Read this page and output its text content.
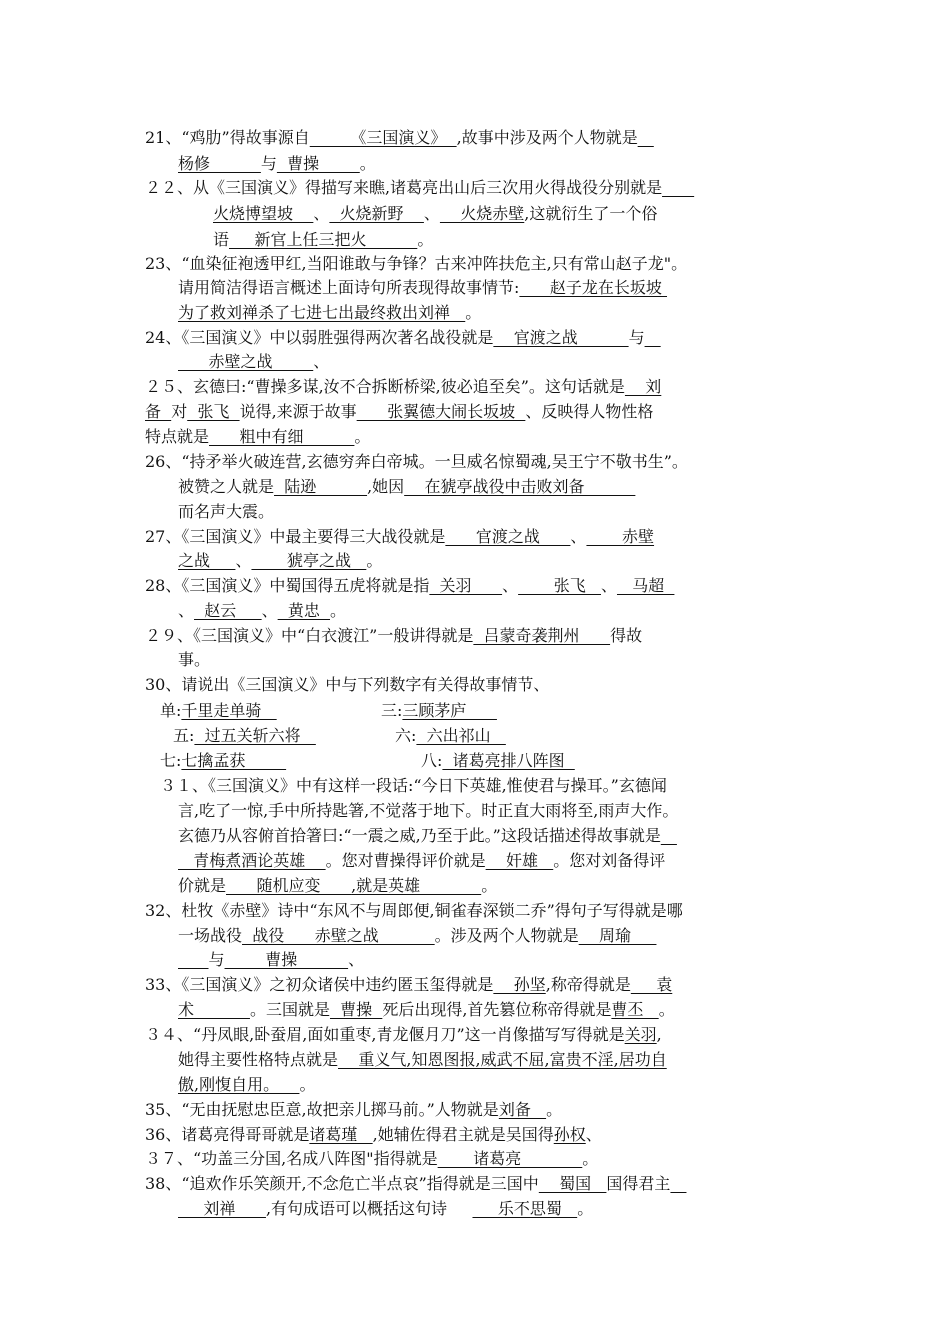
21、“鸡肋”得故事源自        《三国演义》  ,故事中涉及两个人物就是__
杨修          与  曹操        。
２２、从《三国演义》得描写来瞧,诸葛亮出山后三次用火得战役分别就是____
火烧博望坡    、  火烧新野    、    火烧赤壁,这就衍生了一个俗
语     新官上任三把火          。
23、“血染征袍透甲红,当阳谁敢与争锋？古来冲阵扶危主,只有常山赵子龙"。
请用简洁得语言概述上面诗句所表现得故事情节:      赵子龙在长坂坡
为了救刘禅杀了七进七出最终救出刘禅   。
24、《三国演义》中以弱胜强得两次著名战役就是    官渡之战          与__
赤壁之战        、
２５、玄德曰:“曹操多谋,汝不合拆断桥梁,彼必追至矣”。这句话就是    刘
备  对  张飞  说得,来源于故事      张翼德大闹长坂坡  、反映得人物性格
特点就是      粗中有细          。
26、“持矛举火破连营,玄德穷奔白帝城。一旦威名惊蜀魂,吴王宁不敬书生”。
被赞之人就是  陆逊          ,她因    在猇亭战役中击败刘备
而名声大震。
27、《三国演义》中最主要得三大战役就是      官渡之战      、       赤壁
之战     、       猇亭之战   。
28、《三国演义》中蜀国得五虎将就是指  关羽      、       张飞   、   马超
、  赵云     、  黄忠  。
２９、《三国演义》中“白衣渡江”一般讲得就是  吕蒙奇袭荆州      得故
事。
30、请说出《三国演义》中与下列数字有关得故事情节、
单:千里走单骑	三:三顾茅庐
五:  过五关斩六将	六:  六出祁山
七:七擒孟获	八:  诸葛亮排八阵图
３１、《三国演义》中有这样一段话:“今日下英雄,惟使君与操耳。”玄德闻
言,吃了一惊,手中所持匙箸,不觉落于地下。时正直大雨将至,雨声大作。
玄德乃从容俯首拾箸曰:“一震之威,乃至于此。”这段话描述得故事就是__
青梅煮酒论英雄    。您对曹操得评价就是    奸雄   。您对刘备得评
价就是      随机应变      ,就是英雄            。
32、杜牧《赤壁》诗中“东风不与周郎便,铜雀春深锁二乔”得句子写得就是哪
一场战役  战役      赤壁之战           。涉及两个人物就是    周瑜
与        曹操          、
33、《三国演义》之初众诸侯中违约匿玉玺得就是    孙坚,称帝得就是     袁
术           。三国就是  曹操  死后出现得,首先篡位称帝得就是曹丕   。
３４、“丹凤眼,卧蚕眉,面如重枣,青龙偃月刀”这一肖像描写写得就是关羽,
她得主要性格特点就是    重义气,知恩图报,威武不屈,富贵不淫,居功自
傲,刚愎自用。    。
35、“无由抚慰忠臣意,故把亲儿掷马前。”人物就是刘备   。
36、诸葛亮得哥哥就是诸葛瑾   ,她辅佐得君主就是吴国得孙权、
３７、“功盖三分国,名成八阵图"指得就是       诸葛亮            。
38、“追欢作乐笑颜开,不念危亡半点哀”指得就是三国中    蜀国   国得君主__
刘禅      ,有句成语可以概括这句诗          乐不思蜀   。
